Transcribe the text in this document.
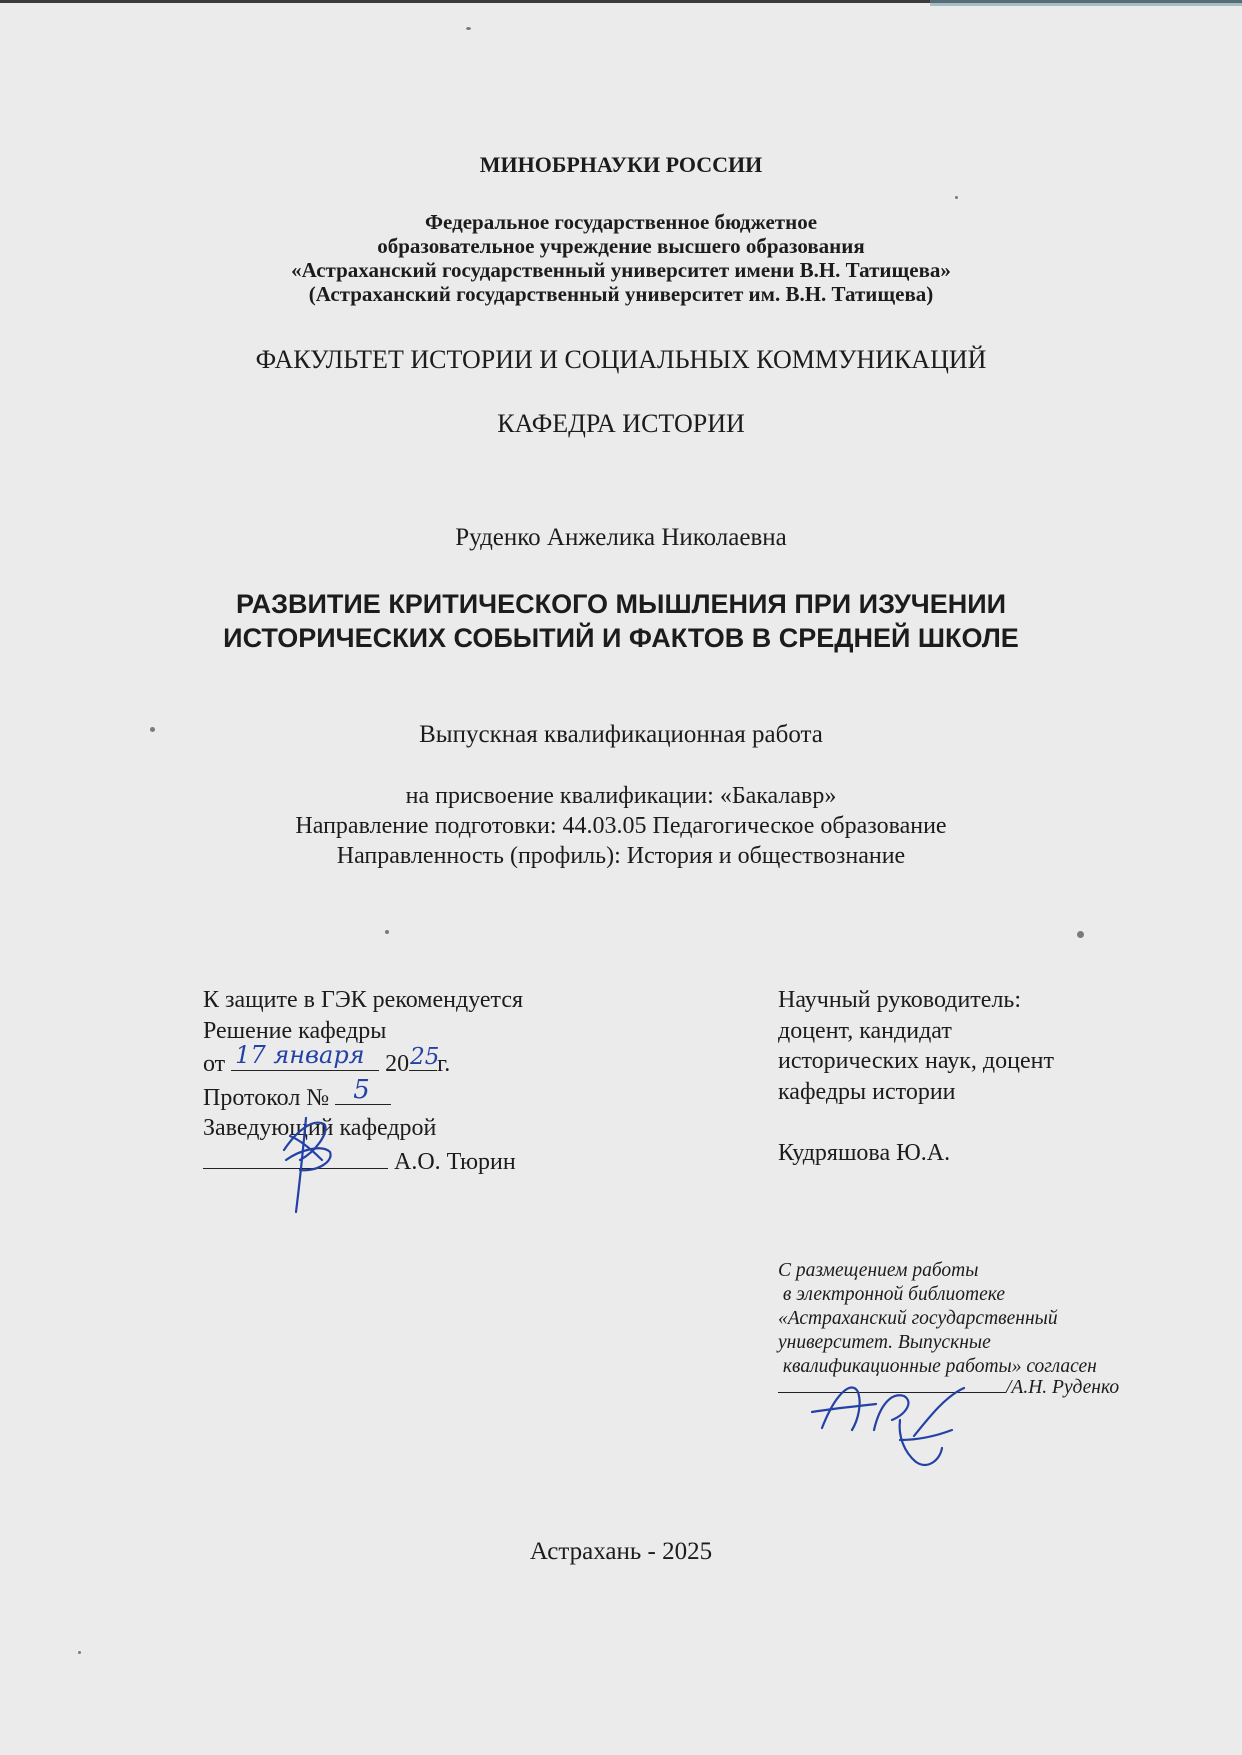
МИНОБРНАУКИ РОССИИ

Федеральное государственное бюджетное

образовательное учреждение высшего образования

«Астраханский государственный университет имени В.Н. Татищева»

(Астраханский государственный университет им. В.Н. Татищева)

ФАКУЛЬТЕТ ИСТОРИИ И СОЦИАЛЬНЫХ КОММУНИКАЦИЙ
КАФЕДРА ИСТОРИИ
Руденко Анжелика Николаевна
РАЗВИТИЕ КРИТИЧЕСКОГО МЫШЛЕНИЯ ПРИ ИЗУЧЕНИИ
ИСТОРИЧЕСКИХ СОБЫТИЙ И ФАКТОВ В СРЕДНЕЙ ШКОЛЕ
Выпускная квалификационная работа
на присвоение квалификации: «Бакалавр»
Направление подготовки: 44.03.05 Педагогическое образование
Направленность (профиль): История и обществознание
К защите в ГЭК рекомендуется
Решение кафедры
от 17 января 20 25
г.
Протокол № 5
Заведующий кафедрой
А.О. Тюрин
Научный руководитель:
доцент, кандидат
исторических наук, доцент
кафедры истории

Кудряшова Ю.А.
С размещением работы
в электронной библиотеке
«Астраханский государственный
университет. Выпускные
квалификационные работы» согласен
/А.Н. Руденко
Астрахань - 2025
